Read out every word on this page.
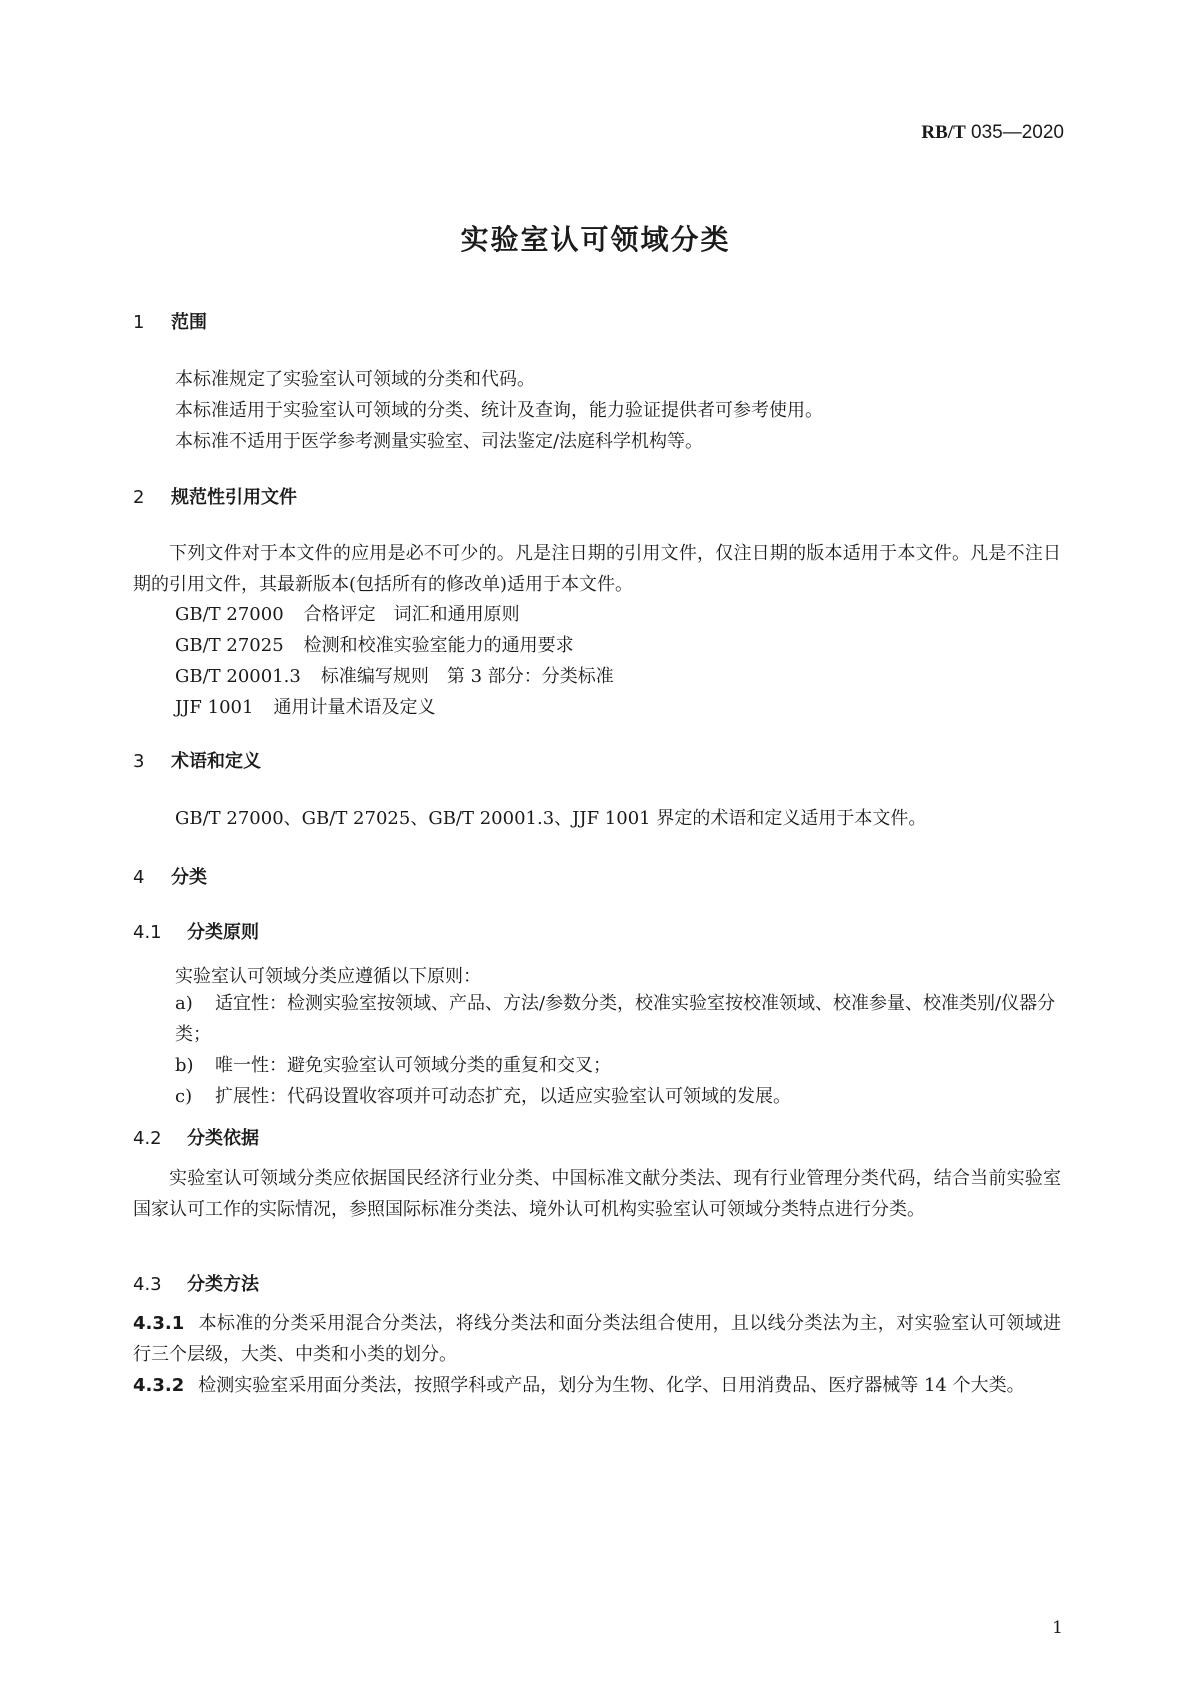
RB/T 035—2020
实验室认可领域分类
1 范围
本标准规定了实验室认可领域的分类和代码。
本标准适用于实验室认可领域的分类、统计及查询，能力验证提供者可参考使用。
本标准不适用于医学参考测量实验室、司法鉴定/法庭科学机构等。
2 规范性引用文件
下列文件对于本文件的应用是必不可少的。凡是注日期的引用文件，仅注日期的版本适用于本文件。凡是不注日期的引用文件，其最新版本(包括所有的修改单)适用于本文件。
GB/T 27000 合格评定　词汇和通用原则
GB/T 27025 检测和校准实验室能力的通用要求
GB/T 20001.3 标准编写规则　第 3 部分：分类标准
JJF 1001 通用计量术语及定义
3 术语和定义
GB/T 27000、GB/T 27025、GB/T 20001.3、JJF 1001 界定的术语和定义适用于本文件。
4 分类
4.1 分类原则
实验室认可领域分类应遵循以下原则：
a) 适宜性：检测实验室按领域、产品、方法/参数分类，校准实验室按校准领域、校准参量、校准类别/仪器分类；
b) 唯一性：避免实验室认可领域分类的重复和交叉；
c) 扩展性：代码设置收容项并可动态扩充，以适应实验室认可领域的发展。
4.2 分类依据
实验室认可领域分类应依据国民经济行业分类、中国标准文献分类法、现有行业管理分类代码，结合当前实验室国家认可工作的实际情况，参照国际标准分类法、境外认可机构实验室认可领域分类特点进行分类。
4.3 分类方法
4.3.1 本标准的分类采用混合分类法，将线分类法和面分类法组合使用，且以线分类法为主，对实验室认可领域进行三个层级，大类、中类和小类的划分。
4.3.2 检测实验室采用面分类法，按照学科或产品，划分为生物、化学、日用消费品、医疗器械等 14 个大类。
1
